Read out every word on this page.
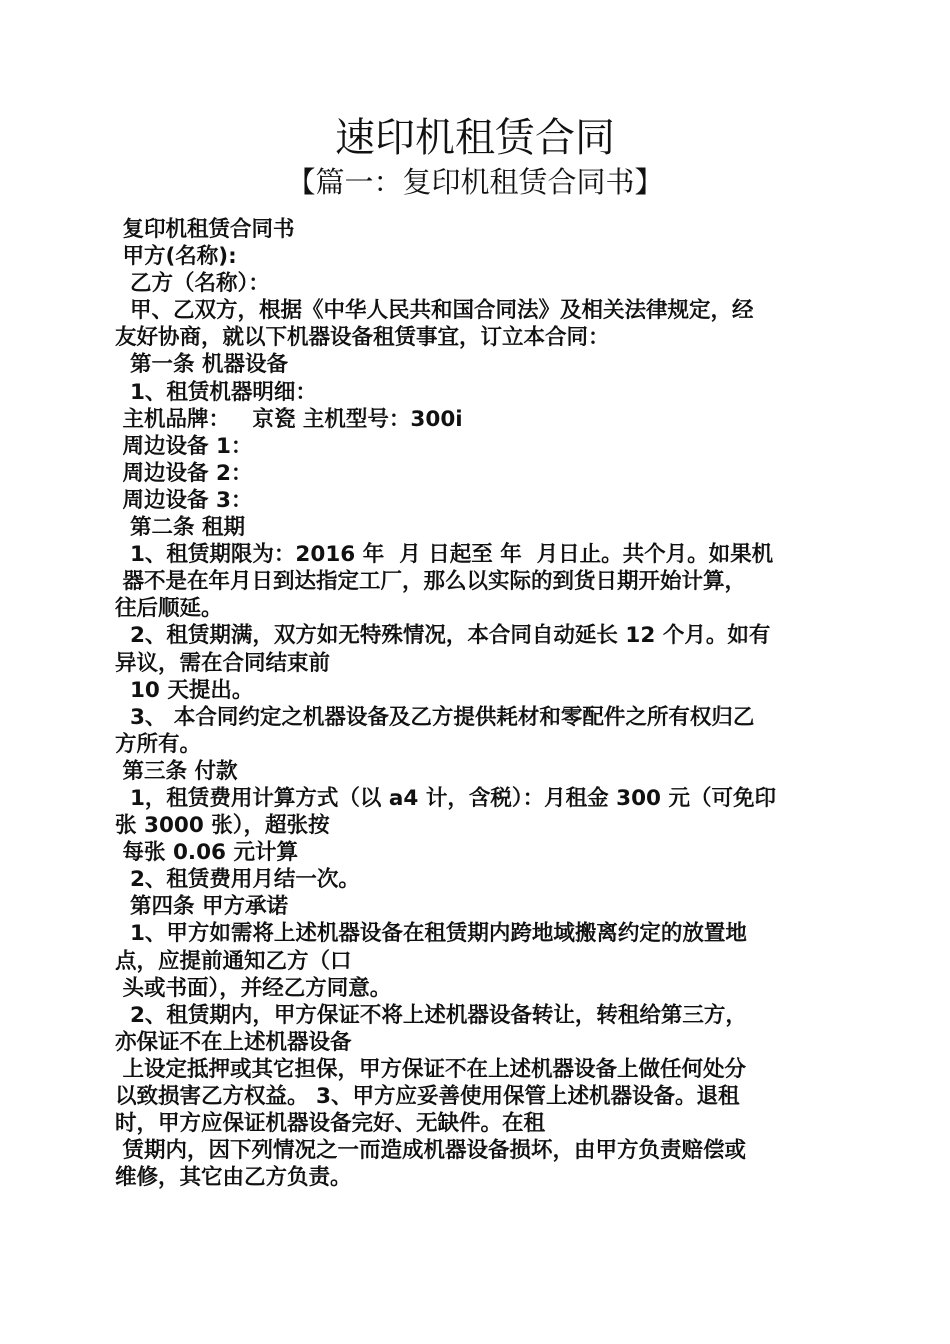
速印机租赁合同
【篇一：复印机租赁合同书】
复印机租赁合同书
甲方(名称):
乙方（名称）：
甲、乙双方，根据《中华人民共和国合同法》及相关法律规定，经
友好协商，就以下机器设备租赁事宜，订立本合同：
第一条 机器设备
1、租赁机器明细：
主机品牌：   京瓷 主机型号：300i
周边设备 1：
周边设备 2：
周边设备 3：
第二条 租期
1、租赁期限为：2016 年  月 日起至 年  月日止。共个月。如果机
器不是在年月日到达指定工厂，那么以实际的到货日期开始计算，
往后顺延。
2、租赁期满，双方如无特殊情况，本合同自动延长 12 个月。如有
异议，需在合同结束前
10 天提出。
3、 本合同约定之机器设备及乙方提供耗材和零配件之所有权归乙
方所有。
第三条 付款
1，租赁费用计算方式（以 a4 计，含税）：月租金 300 元（可免印
张 3000 张），超张按
每张 0.06 元计算
2、租赁费用月结一次。
第四条 甲方承诺
1、甲方如需将上述机器设备在租赁期内跨地域搬离约定的放置地
点，应提前通知乙方（口
头或书面），并经乙方同意。
2、租赁期内，甲方保证不将上述机器设备转让，转租给第三方，
亦保证不在上述机器设备
上设定抵押或其它担保，甲方保证不在上述机器设备上做任何处分
以致损害乙方权益。 3、甲方应妥善使用保管上述机器设备。退租
时，甲方应保证机器设备完好、无缺件。在租
赁期内，因下列情况之一而造成机器设备损坏，由甲方负责赔偿或
维修，其它由乙方负责。
